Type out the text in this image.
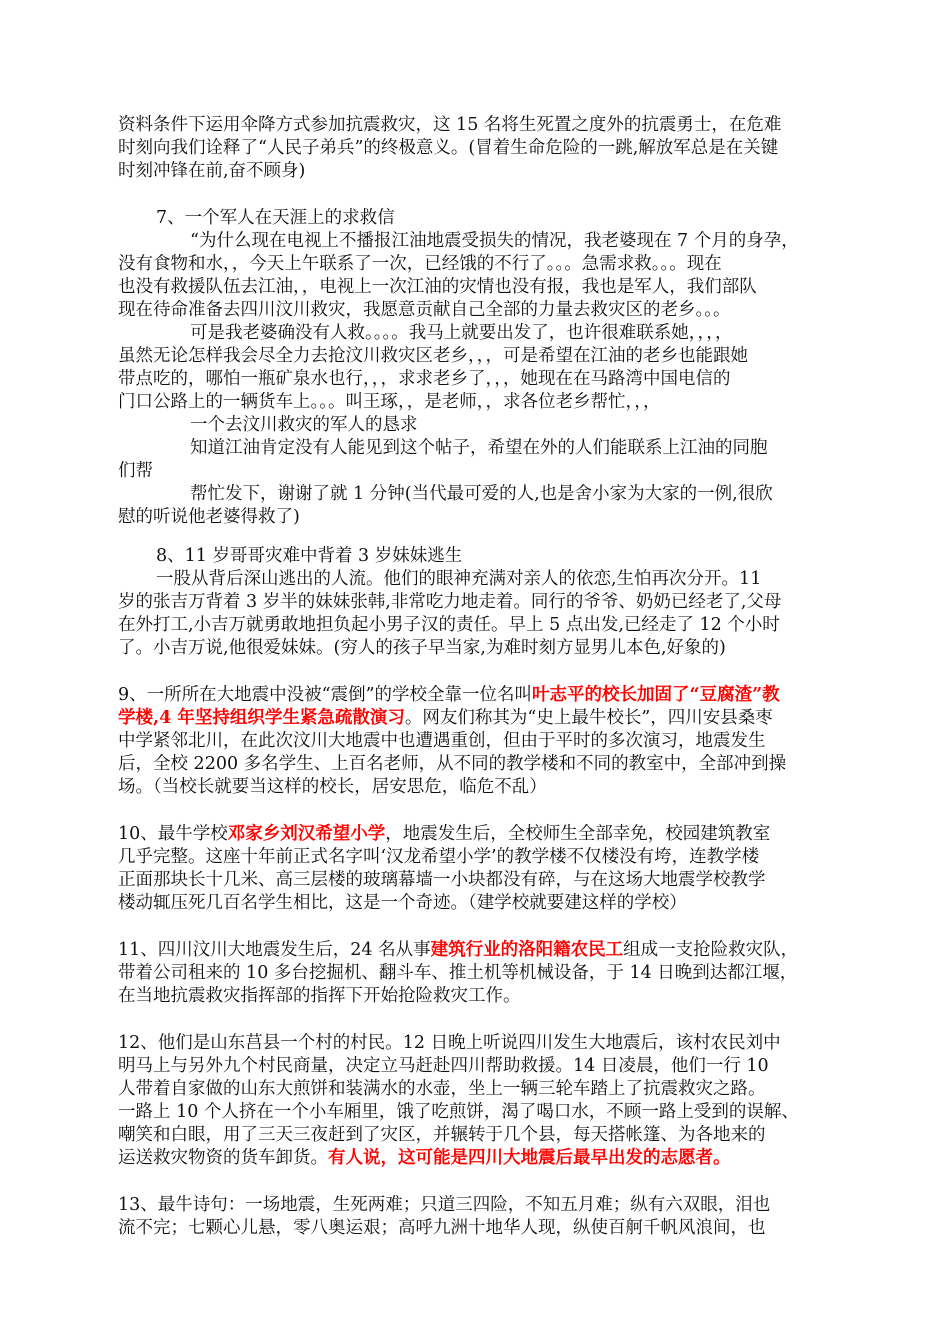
资料条件下运用伞降方式参加抗震救灾，这 15 名将生死置之度外的抗震勇士，在危难
时刻向我们诠释了“人民子弟兵”的终极意义。(冒着生命危险的一跳,解放军总是在关键
时刻冲锋在前,奋不顾身)
7、一个军人在天涯上的求救信
“为什么现在电视上不播报江油地震受损失的情况，我老婆现在 7 个月的身孕，
没有食物和水，，今天上午联系了一次，已经饿的不行了。。。急需求救。。。现在
也没有救援队伍去江油，，电视上一次江油的灾情也没有报，我也是军人，我们部队
现在待命准备去四川汶川救灾，我愿意贡献自己全部的力量去救灾区的老乡。。。
可是我老婆确没有人救。。。。我马上就要出发了，也许很难联系她，，，，
虽然无论怎样我会尽全力去抢汶川救灾区老乡，，，可是希望在江油的老乡也能跟她
带点吃的，哪怕一瓶矿泉水也行，，，求求老乡了，，，她现在在马路湾中国电信的
门口公路上的一辆货车上。。。叫王琢，，是老师，，求各位老乡帮忙，，，
一个去汶川救灾的军人的恳求
知道江油肯定没有人能见到这个帖子，希望在外的人们能联系上江油的同胞
们帮
帮忙发下，谢谢了就 1 分钟(当代最可爱的人,也是舍小家为大家的一例,很欣
慰的听说他老婆得救了)
8、11 岁哥哥灾难中背着 3 岁妹妹逃生
一股从背后深山逃出的人流。他们的眼神充满对亲人的依恋,生怕再次分开。11
岁的张吉万背着 3 岁半的妹妹张韩,非常吃力地走着。同行的爷爷、奶奶已经老了,父母
在外打工,小吉万就勇敢地担负起小男子汉的责任。早上 5 点出发,已经走了 12 个小时
了。小吉万说,他很爱妹妹。(穷人的孩子早当家,为难时刻方显男儿本色,好象的)
9、一所所在大地震中没被“震倒”的学校全靠一位名叫叶志平的校长加固了“豆腐渣”教
学楼,4 年坚持组织学生紧急疏散演习。网友们称其为“史上最牛校长”，四川安县桑枣
中学紧邻北川，在此次汶川大地震中也遭遇重创，但由于平时的多次演习，地震发生
后，全校 2200 多名学生、上百名老师，从不同的教学楼和不同的教室中，全部冲到操
场。（当校长就要当这样的校长，居安思危，临危不乱）
10、最牛学校邓家乡刘汉希望小学，地震发生后，全校师生全部幸免，校园建筑教室
几乎完整。这座十年前正式名字叫‘汉龙希望小学’的教学楼不仅楼没有垮，连教学楼
正面那块长十几米、高三层楼的玻璃幕墙一小块都没有碎，与在这场大地震学校教学
楼动辄压死几百名学生相比，这是一个奇迹。（建学校就要建这样的学校）
11、四川汶川大地震发生后，24 名从事建筑行业的洛阳籍农民工组成一支抢险救灾队，
带着公司租来的 10 多台挖掘机、翻斗车、推土机等机械设备，于 14 日晚到达都江堰，
在当地抗震救灾指挥部的指挥下开始抢险救灾工作。
12、他们是山东莒县一个村的村民。12 日晚上听说四川发生大地震后，该村农民刘中
明马上与另外九个村民商量，决定立马赶赴四川帮助救援。14 日凌晨，他们一行 10
人带着自家做的山东大煎饼和装满水的水壶，坐上一辆三轮车踏上了抗震救灾之路。
一路上 10 个人挤在一个小车厢里，饿了吃煎饼，渴了喝口水，不顾一路上受到的误解、
嘲笑和白眼，用了三天三夜赶到了灾区，并辗转于几个县，每天搭帐篷、为各地来的
运送救灾物资的货车卸货。有人说，这可能是四川大地震后最早出发的志愿者。
13、最牛诗句：一场地震，生死两难；只道三四险，不知五月难；纵有六双眼，泪也
流不完；七颗心儿悬，零八奥运艰；高呼九洲十地华人现，纵使百舸千帆风浪间，也
